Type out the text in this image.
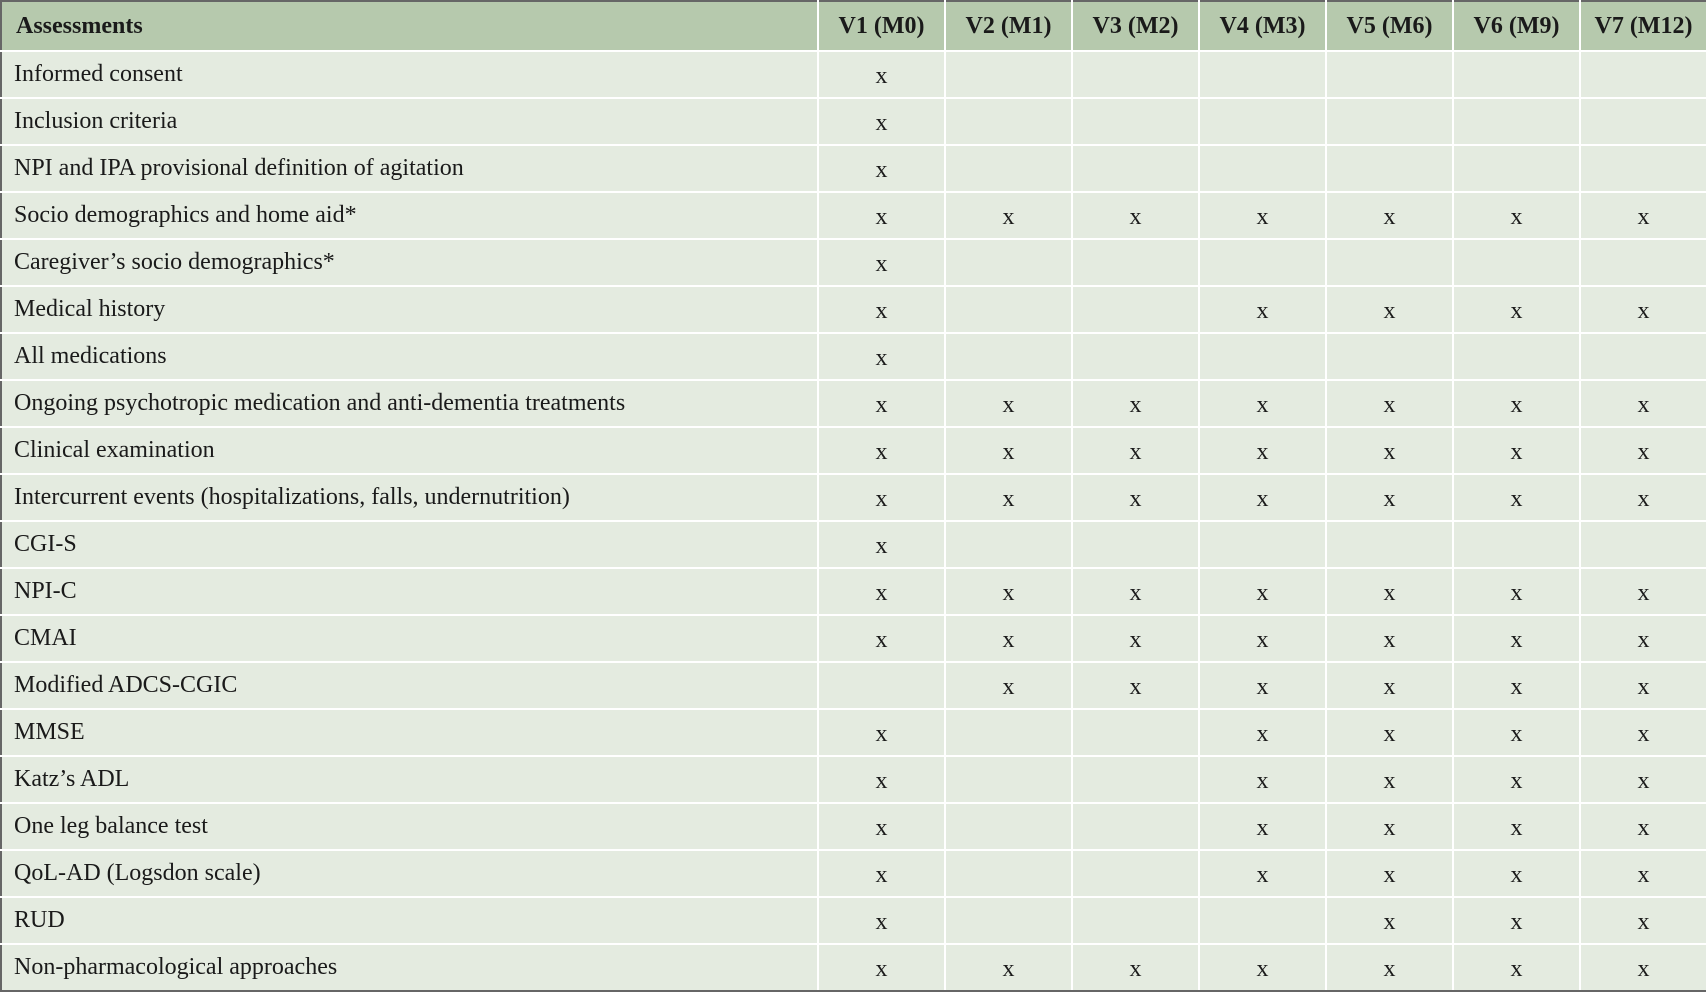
Assessments	V1 (M0)	V2 (M1)	V3 (M2)	V4 (M3)	V5 (M6)	V6 (M9)	V7 (M12)
Informed consent	x						
Inclusion criteria	x						
NPI and IPA provisional definition of agitation	x						
Socio demographics and home aid*	x	x	x	x	x	x	x
Caregiver’s socio demographics*	x						
Medical history	x			x	x	x	x
All medications	x						
Ongoing psychotropic medication and anti-dementia treatments	x	x	x	x	x	x	x
Clinical examination	x	x	x	x	x	x	x
Intercurrent events (hospitalizations, falls, undernutrition)	x	x	x	x	x	x	x
CGI-S	x						
NPI-C	x	x	x	x	x	x	x
CMAI	x	x	x	x	x	x	x
Modified ADCS-CGIC		x	x	x	x	x	x
MMSE	x			x	x	x	x
Katz’s ADL	x			x	x	x	x
One leg balance test	x			x	x	x	x
QoL-AD (Logsdon scale)	x			x	x	x	x
RUD	x				x	x	x
Non-pharmacological approaches	x	x	x	x	x	x	x
